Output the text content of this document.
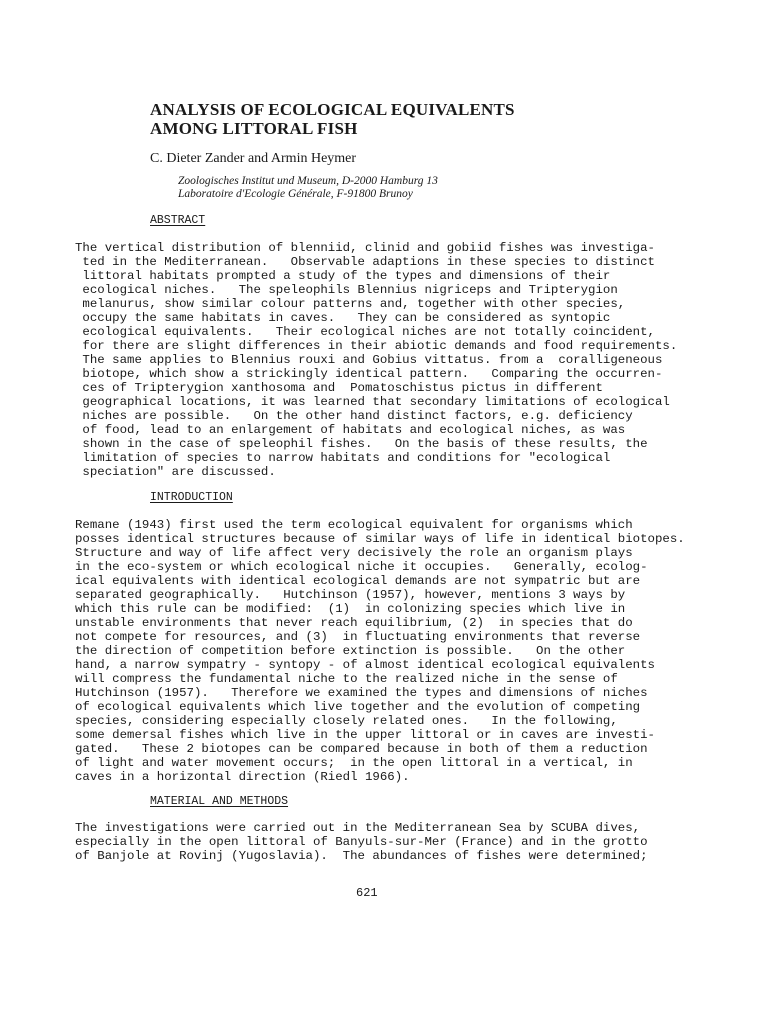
ANALYSIS OF ECOLOGICAL EQUIVALENTS
AMONG LITTORAL FISH
C. Dieter Zander and Armin Heymer
Zoologisches Institut und Museum, D-2000 Hamburg 13
Laboratoire d'Ecologie Générale, F-91800 Brunoy
ABSTRACT
The vertical distribution of blenniid, clinid and gobiid fishes was investiga-
ted in the Mediterranean.   Observable adaptions in these species to distinct
littoral habitats prompted a study of the types and dimensions of their
ecological niches.   The speleophils Blennius nigriceps and Tripterygion
melanurus, show similar colour patterns and, together with other species,
occupy the same habitats in caves.   They can be considered as syntopic
ecological equivalents.   Their ecological niches are not totally coincident,
for there are slight differences in their abiotic demands and food requirements.
The same applies to Blennius rouxi and Gobius vittatus. from a  coralligeneous
biotope, which show a strickingly identical pattern.   Comparing the occurren-
ces of Tripterygion xanthosoma and  Pomatoschistus pictus in different
geographical locations, it was learned that secondary limitations of ecological
niches are possible.   On the other hand distinct factors, e.g. deficiency
of food, lead to an enlargement of habitats and ecological niches, as was
shown in the case of speleophil fishes.   On the basis of these results, the
limitation of species to narrow habitats and conditions for "ecological
speciation" are discussed.
INTRODUCTION
Remane (1943) first used the term ecological equivalent for organisms which
posses identical structures because of similar ways of life in identical biotopes.
Structure and way of life affect very decisively the role an organism plays
in the eco-system or which ecological niche it occupies.   Generally, ecolog-
ical equivalents with identical ecological demands are not sympatric but are
separated geographically.   Hutchinson (1957), however, mentions 3 ways by
which this rule can be modified:  (1)  in colonizing species which live in
unstable environments that never reach equilibrium, (2)  in species that do
not compete for resources, and (3)  in fluctuating environments that reverse
the direction of competition before extinction is possible.   On the other
hand, a narrow sympatry - syntopy - of almost identical ecological equivalents
will compress the fundamental niche to the realized niche in the sense of
Hutchinson (1957).   Therefore we examined the types and dimensions of niches
of ecological equivalents which live together and the evolution of competing
species, considering especially closely related ones.   In the following,
some demersal fishes which live in the upper littoral or in caves are investi-
gated.   These 2 biotopes can be compared because in both of them a reduction
of light and water movement occurs;  in the open littoral in a vertical, in
caves in a horizontal direction (Riedl 1966).
MATERIAL AND METHODS
The investigations were carried out in the Mediterranean Sea by SCUBA dives,
especially in the open littoral of Banyuls-sur-Mer (France) and in the grotto
of Banjole at Rovinj (Yugoslavia).  The abundances of fishes were determined;
621
